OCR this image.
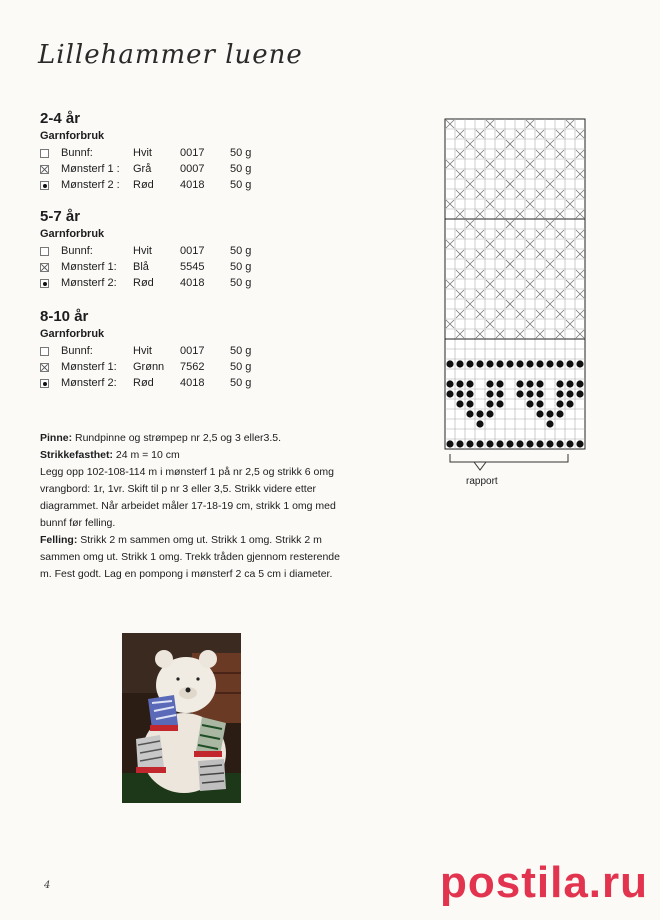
Lillehammer luene
2-4 år
Garnforbruk
Bunnf:	Hvit	0017 50 g
Mønsterf 1 : Grå	0007 50 g
Mønsterf 2 : Rød 4018 50 g
5-7 år
Garnforbruk
Bunnf:	Hvit	0017 50 g
Mønsterf 1: Blå	5545 50 g
Mønsterf 2: Rød 4018 50 g
8-10 år
Garnforbruk
Bunnf:	Hvit	0017 50 g
Mønsterf 1: Grønn 7562 50 g
Mønsterf 2: Rød 4018 50 g

Pinne: Rundpinne og strømpep nr 2,5 og 3 eller3.5.

Strikkefasthet: 24 m = 10 cm

Legg opp 102-108-114 m i mønsterf 1 på nr 2,5 og strikk 6 omg vrangbord: 1r, 1vr. Skift til p nr 3 eller 3,5. Strikk videre etter diagrammet. Når arbeidet måler 17-18-19 cm, strikk 1 omg med bunnf før felling.

Felling: Strikk 2 m sammen omg ut. Strikk 1 omg. Strikk 2 m sammen omg ut. Strikk 1 omg. Trekk tråden gjennom resterende m. Fest godt. Lag en pompong i mønsterf 2 ca 5 cm i diameter.

rapport
4	postila.ru
